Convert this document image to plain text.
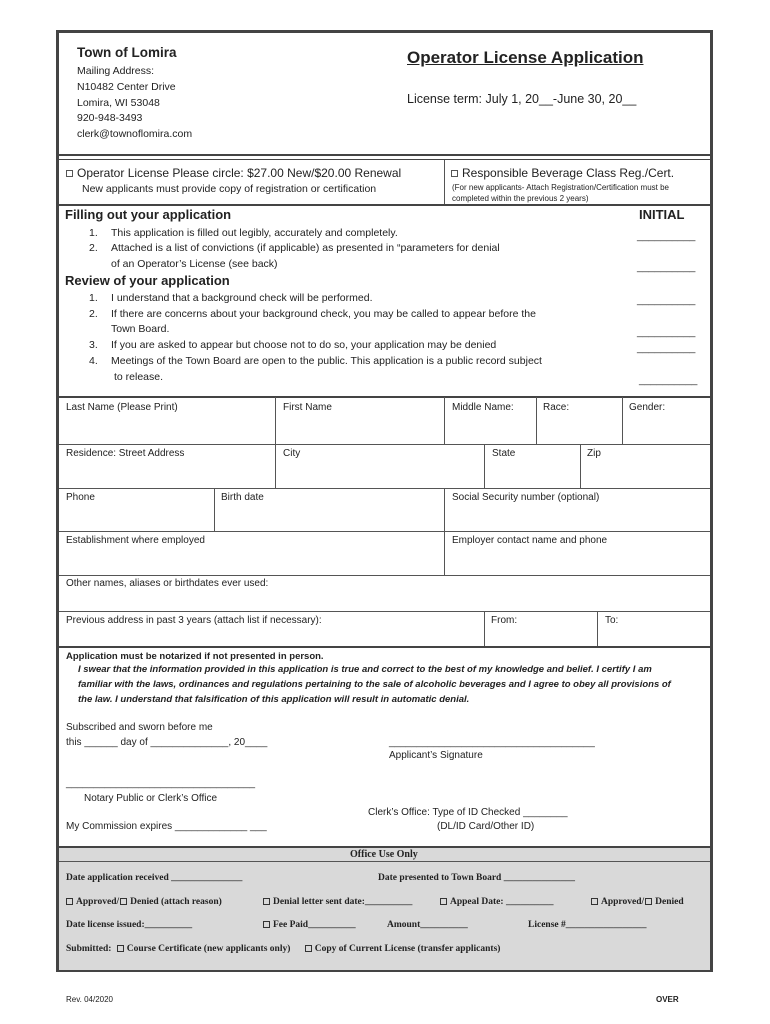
Town of Lomira
Mailing Address:
N10482 Center Drive
Lomira, WI 53048
920-948-3493
clerk@townoflomira.com
Operator License Application
License term: July 1, 20__-June 30, 20__
Operator License Please circle: $27.00 New/$20.00 Renewal
New applicants must provide copy of registration or certification
Responsible Beverage Class Reg./Cert.
(For new applicants- Attach Registration/Certification must be
completed within the previous 2 years)
Filling out your application	INITIAL
1. This application is filled out legibly, accurately and completely.	__________
2. Attached is a list of convictions (if applicable) as presented in “parameters for denial
of an Operator’s License (see back)	__________
Review of your application
1. I understand that a background check will be performed.	__________
2. If there are concerns about your background check, you may be called to appear before the
Town Board.	__________
3. If you are asked to appear but choose not to do so, your application may be denied	__________
4. Meetings of the Town Board are open to the public. This application is a public record subject
to release.	__________
Last Name (Please Print)	First Name	Middle Name:	Race:	Gender:
Residence: Street Address	City	State	Zip
Phone	Birth date	Social Security number (optional)
Establishment where employed	Employer contact name and phone
Other names, aliases or birthdates ever used:
Previous address in past 3 years (attach list if necessary):	From:	To:
Application must be notarized if not presented in person.
I swear that the information provided in this application is true and correct to the best of my knowledge and belief. I certify I am
familiar with the laws, ordinances and regulations pertaining to the sale of alcoholic beverages and I agree to obey all provisions of
the law. I understand that falsification of this application will result in automatic denial.
Subscribed and sworn before me
this ______ day of ______________, 20____	_____________________________________
Applicant’s Signature
__________________________________
Notary Public or Clerk’s Office
Clerk’s Office: Type of ID Checked ________
(DL/ID Card/Other ID)
My Commission expires _____________ ___
Office Use Only
Date application received _______________	Date presented to Town Board _______________
Approved/ Denied (attach reason)	Denial letter sent date:__________	Appeal Date: __________	Approved/ Denied
Date license issued:__________	Fee Paid__________	Amount__________	License #_________________
Submitted: Course Certificate (new applicants only)	Copy of Current License (transfer applicants)
Rev. 04/2020	OVER
